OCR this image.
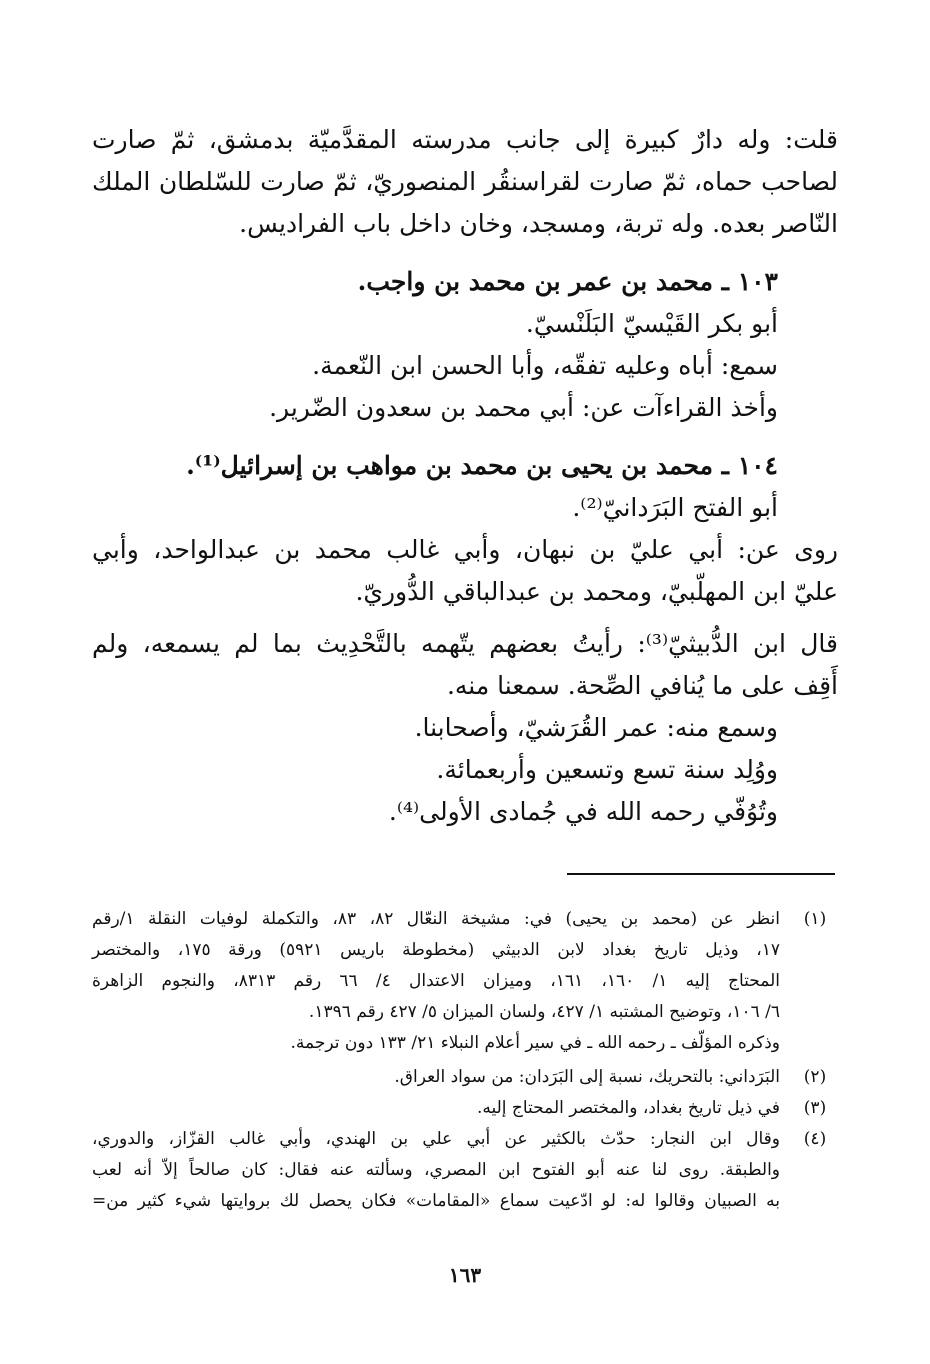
قلت: وله دارٌ كبيرة إلى جانب مدرسته المقدَّميّة بدمشق، ثمّ صارت
لصاحب حماه، ثمّ صارت لقراسنقُر المنصوريّ، ثمّ صارت للسّلطان الملك
النّاصر بعده. وله تربة، ومسجد، وخان داخل باب الفراديس.
١٠٣ ـ محمد بن عمر بن محمد بن واجب.
أبو بكر القَيْسيّ البَلَنْسيّ.
سمع: أباه وعليه تفقّه، وأبا الحسن ابن النّعمة.
وأخذ القراءآت عن: أبي محمد بن سعدون الضّرير.
١٠٤ ـ محمد بن يحيى بن محمد بن مواهب بن إسرائيل⁽¹⁾.
أبو الفتح البَرَدانيّ⁽²⁾.
روى عن: أبي عليّ بن نبهان، وأبي غالب محمد بن عبدالواحد، وأبي
عليّ ابن المهلّبيّ، ومحمد بن عبدالباقي الدُّوريّ.
قال ابن الدُّبيثيّ⁽³⁾: رأيتُ بعضهم يتّهمه بالتَّحْدِيث بما لم يسمعه، ولم
أَقِف على ما يُنافي الصِّحة. سمعنا منه.
وسمع منه: عمر القُرَشيّ، وأصحابنا.
ووُلِد سنة تسع وتسعين وأربعمائة.
وتُوُفّي رحمه الله في جُمادى الأولى⁽⁴⁾.
(١)
انظر عن (محمد بن يحيى) في: مشيخة النعّال ٨٢، ٨٣، والتكملة لوفيات النقلة ١/رقم
١٧، وذيل تاريخ بغداد لابن الدبيثي (مخطوطة باريس ٥٩٢١) ورقة ١٧٥، والمختصر
المحتاج إليه ١/ ١٦٠، ١٦١، وميزان الاعتدال ٤/ ٦٦ رقم ٨٣١٣، والنجوم الزاهرة
٦/ ١٠٦، وتوضيح المشتبه ١/ ٤٢٧، ولسان الميزان ٥/ ٤٢٧ رقم ١٣٩٦.
وذكره المؤلّف ـ رحمه الله ـ في سير أعلام النبلاء ٢١/ ١٣٣ دون ترجمة.
(٢)
البَرَداني: بالتحريك، نسبة إلى البَرَدان: من سواد العراق.
(٣)
في ذيل تاريخ بغداد، والمختصر المحتاج إليه.
(٤)
وقال ابن النجار: حدّث بالكثير عن أبي علي بن الهندي، وأبي غالب القزّاز، والدوري،
والطبقة. روى لنا عنه أبو الفتوح ابن المصري، وسألته عنه فقال: كان صالحاً إلاّ أنه لعب
به الصبيان وقالوا له: لو ادّعيت سماع «المقامات» فكان يحصل لك بروايتها شيء كثير من=
١٦٣
